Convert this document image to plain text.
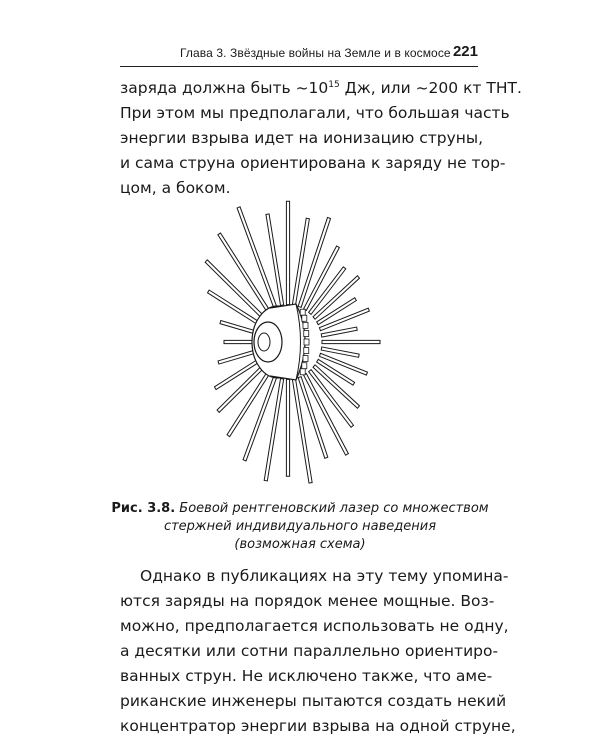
Глава 3. Звёздные войны на Земле и в космосе 221
заряда должна быть $\sim 10^{15}$ Дж, или ~200 кт ТНТ.
При этом мы предполагали, что большая часть
энергии взрыва идет на ионизацию струны,
и сама струна ориентирована к заряду не тор-
цом, а боком.
Рис. 3.8. Боевой рентгеновский лазер со множеством
стержней индивидуального наведения
(возможная схема)
Однако в публикациях на эту тему упомина-
ются заряды на порядок менее мощные. Воз-
можно, предполагается использовать не одну,
а десятки или сотни параллельно ориентиро-
ванных струн. Не исключено также, что аме-
риканские инженеры пытаются создать некий
концентратор энергии взрыва на одной струне,
